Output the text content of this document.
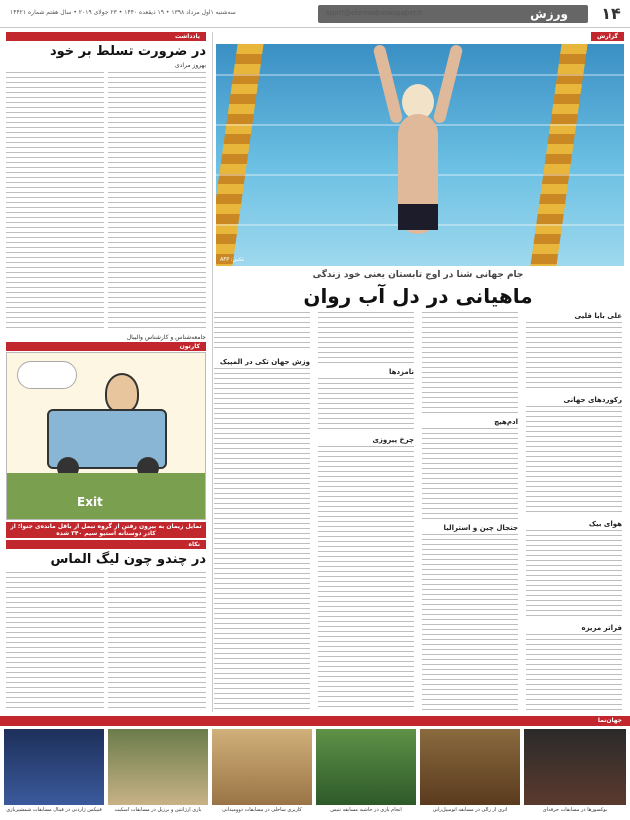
۱۴
ورزش
sport@etemadnewspaper.ir
سه‌شنبه ۱اول مرداد ۱۳۹۸ • ۱۹ ذیقعده ۱۴۴۰ • ۲۳ جولای ۲۰۱۹ • سال هفتم شماره ۱۴۴۲۱
گزارش
عکس: AFP
جام جهانی شنا در اوج تابستان یعنی خود زندگی
ماهیانی در دل آب روان
علی بابا قلیی
رکوردهای جهانی
هوای بیک
فراتر مریزه
ادم‌هیچ
جتجال چین و استرالیا
نامزدها
چرخ پیروزی
وزش جهان تکی در المپیک
یادداشت
در ضرورت تسلط بر خود
بهروز مرادی
جامعه‌شناس و کارشناس والیبال
کارتون
Exit
تمایل زیمان به بیرون رفتن از گروه نیمل از باقل مانده‌ی جنوا؛ از کادر دوستانه استیو سیم ۳۴۰ شده
نکاه
در چندو چون لیگ الماس
جهان‌نما
فنیکس ژاردنی در فینال مسابقات شمشیربازی	بازی آرژانتین و برزیل در مسابقات اسکیت	کاربری ساحلی در مسابقات دوومیدانی	انجام بازی در حاشیه مسابقه تنیس	اثری از رالی در مسابقه اتومبیل‌رانی	بوکسورها در مسابقات حرفه‌ای
